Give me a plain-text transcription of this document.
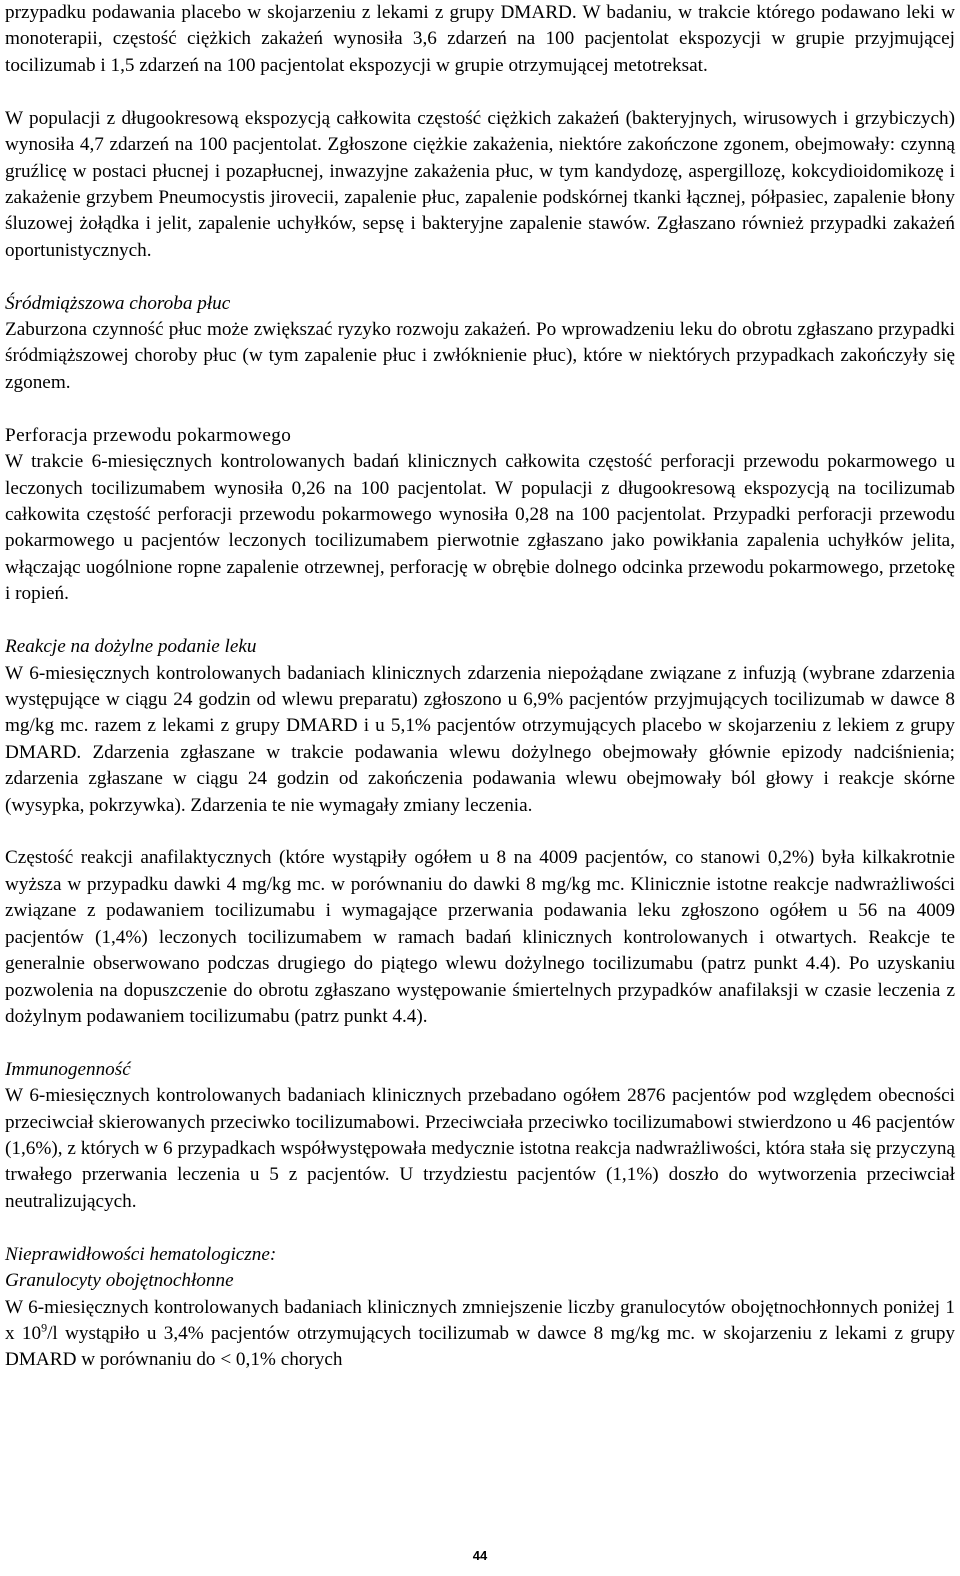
przypadku podawania placebo w skojarzeniu z lekami z grupy DMARD. W badaniu, w trakcie którego podawano leki w monoterapii, częstość ciężkich zakażeń wynosiła 3,6 zdarzeń na 100 pacjentolat ekspozycji w grupie przyjmującej tocilizumab i 1,5 zdarzeń na 100 pacjentolat ekspozycji w grupie otrzymującej metotreksat.

W populacji z długookresową ekspozycją całkowita częstość ciężkich zakażeń (bakteryjnych, wirusowych i grzybiczych) wynosiła 4,7 zdarzeń na 100 pacjentolat. Zgłoszone ciężkie zakażenia, niektóre zakończone zgonem, obejmowały: czynną gruźlicę w postaci płucnej i pozapłucnej, inwazyjne zakażenia płuc, w tym kandydozę, aspergillozę, kokcydioidomikozę i zakażenie grzybem Pneumocystis jirovecii, zapalenie płuc, zapalenie podskórnej tkanki łącznej, półpasiec, zapalenie błony śluzowej żołądka i jelit, zapalenie uchyłków, sepsę i bakteryjne zapalenie stawów. Zgłaszano również przypadki zakażeń oportunistycznych.

Śródmiąższowa choroba płuc

Zaburzona czynność płuc może zwiększać ryzyko rozwoju zakażeń. Po wprowadzeniu leku do obrotu zgłaszano przypadki śródmiąższowej choroby płuc (w tym zapalenie płuc i zwłóknienie płuc), które w niektórych przypadkach zakończyły się zgonem.

Perforacja przewodu pokarmowego

W trakcie 6-miesięcznych kontrolowanych badań klinicznych całkowita częstość perforacji przewodu pokarmowego u leczonych tocilizumabem wynosiła 0,26 na 100 pacjentolat. W populacji z długookresową ekspozycją na tocilizumab całkowita częstość perforacji przewodu pokarmowego wynosiła 0,28 na 100 pacjentolat. Przypadki perforacji przewodu pokarmowego u pacjentów leczonych tocilizumabem pierwotnie zgłaszano jako powikłania zapalenia uchyłków jelita, włączając uogólnione ropne zapalenie otrzewnej, perforację w obrębie dolnego odcinka przewodu pokarmowego, przetokę i ropień.

Reakcje na dożylne podanie leku

W 6-miesięcznych kontrolowanych badaniach klinicznych zdarzenia niepożądane związane z infuzją (wybrane zdarzenia występujące w ciągu 24 godzin od wlewu preparatu) zgłoszono u 6,9% pacjentów przyjmujących tocilizumab w dawce 8 mg/kg mc. razem z lekami z grupy DMARD i u 5,1% pacjentów otrzymujących placebo w skojarzeniu z lekiem z grupy DMARD. Zdarzenia zgłaszane w trakcie podawania wlewu dożylnego obejmowały głównie epizody nadciśnienia; zdarzenia zgłaszane w ciągu 24 godzin od zakończenia podawania wlewu obejmowały ból głowy i reakcje skórne (wysypka, pokrzywka). Zdarzenia te nie wymagały zmiany leczenia.

Częstość reakcji anafilaktycznych (które wystąpiły ogółem u 8 na 4009 pacjentów, co stanowi 0,2%) była kilkakrotnie wyższa w przypadku dawki 4 mg/kg mc. w porównaniu do dawki 8 mg/kg mc. Klinicznie istotne reakcje nadwrażliwości związane z podawaniem tocilizumabu i wymagające przerwania podawania leku zgłoszono ogółem u 56 na 4009 pacjentów (1,4%) leczonych tocilizumabem w ramach badań klinicznych kontrolowanych i otwartych. Reakcje te generalnie obserwowano podczas drugiego do piątego wlewu dożylnego tocilizumabu (patrz punkt 4.4). Po uzyskaniu pozwolenia na dopuszczenie do obrotu zgłaszano występowanie śmiertelnych przypadków anafilaksji w czasie leczenia z dożylnym podawaniem tocilizumabu (patrz punkt 4.4).

Immunogenność

W 6-miesięcznych kontrolowanych badaniach klinicznych przebadano ogółem 2876 pacjentów pod względem obecności przeciwciał skierowanych przeciwko tocilizumabowi. Przeciwciała przeciwko tocilizumabowi stwierdzono u 46 pacjentów (1,6%), z których w 6 przypadkach współwystępowała medycznie istotna reakcja nadwrażliwości, która stała się przyczyną trwałego przerwania leczenia u 5 z pacjentów. U trzydziestu pacjentów (1,1%) doszło do wytworzenia przeciwciał neutralizujących.

Nieprawidłowości hematologiczne:

Granulocyty obojętnochłonne

W 6-miesięcznych kontrolowanych badaniach klinicznych zmniejszenie liczby granulocytów obojętnochłonnych poniżej 1 x $10^9/l$ wystąpiło u 3,4% pacjentów otrzymujących tocilizumab w dawce 8 mg/kg mc. w skojarzeniu z lekami z grupy DMARD w porównaniu do < 0,1% chorych

44
